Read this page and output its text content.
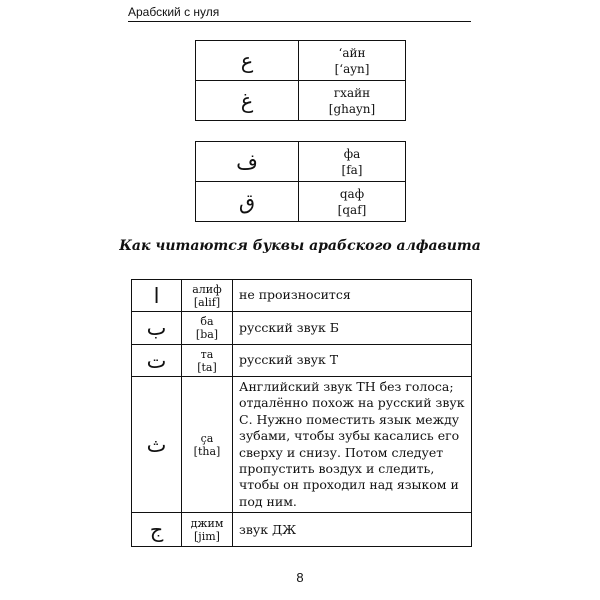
Арабский с нуля
ع	‘айн
[‘ayn]

غ	гхайн
[ghayn]
ف	фа
[fa]

ق	qаф
[qaf]
Как читаются буквы арабского алфавита
ا	алиф
[alif]	не произносится
ب	ба
[ba]	русский звук Б
ت	та
[ta]	русский звук Т
ث	ça
[tha]	Английский звук TH без голоса; отдалённо похож на русский звук С. Нужно поместить язык между зубами, чтобы зубы касались его сверху и снизу. Потом следует пропустить воздух и следить, чтобы он проходил над языком и под ним.
ج	джим
[jim]	звук ДЖ
8
